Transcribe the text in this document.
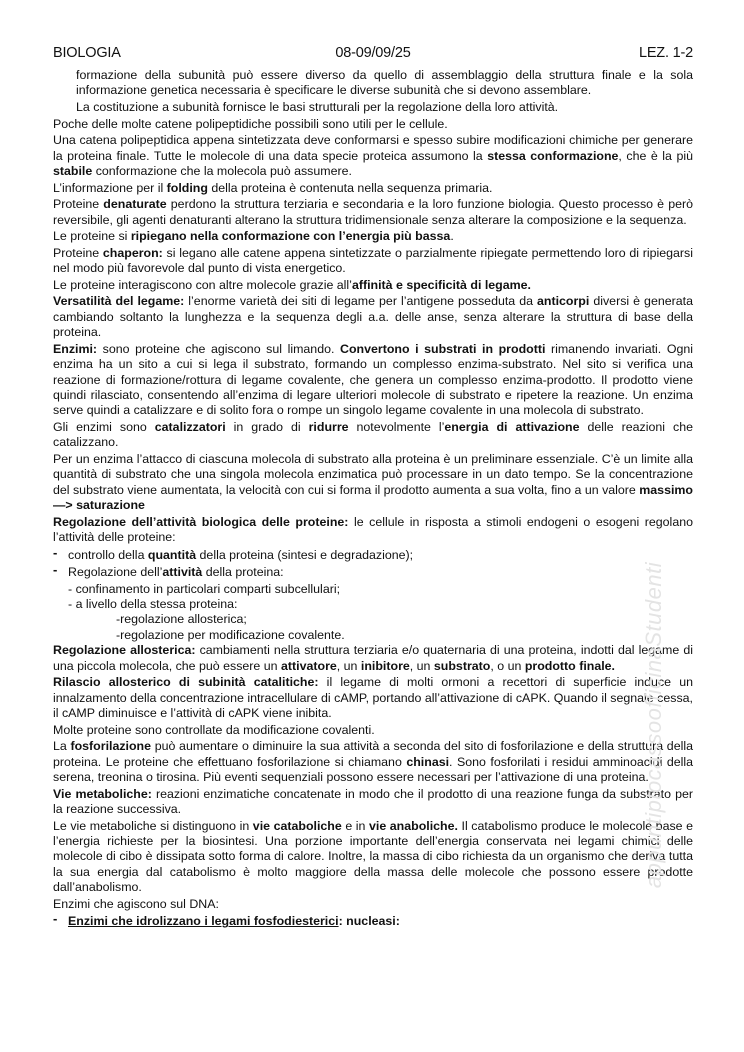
BIOLOGIA	08-09/09/25	LEZ. 1-2

formazione della subunità può essere diverso da quello di assemblaggio della struttura finale e la sola informazione genetica necessaria è specificare le diverse subunità che si devono assemblare.

La costituzione a subunità fornisce le basi strutturali per la regolazione della loro attività.

Poche delle molte catene polipeptidiche possibili sono utili per le cellule.

Una catena polipeptidica appena sintetizzata deve conformarsi e spesso subire modificazioni chimiche per generare la proteina finale. Tutte le molecole di una data specie proteica assumono la stessa conformazione, che è la più stabile conformazione che la molecola può assumere.

L’informazione per il folding della proteina è contenuta nella sequenza primaria.

Proteine denaturate perdono la struttura terziaria e secondaria e la loro funzione biologia. Questo processo è però reversibile, gli agenti denaturanti alterano la struttura tridimensionale senza alterare la composizione e la sequenza.

Le proteine si ripiegano nella conformazione con l’energia più bassa.

Proteine chaperon: si legano alle catene appena sintetizzate o parzialmente ripiegate permettendo loro di ripiegarsi nel modo più favorevole dal punto di vista energetico.

Le proteine interagiscono con altre molecole grazie all’affinità e specificità di legame.

Versatilità del legame: l’enorme varietà dei siti di legame per l’antigene posseduta da anticorpi diversi è generata cambiando soltanto la lunghezza e la sequenza degli a.a. delle anse, senza alterare la struttura di base della proteina.

Enzimi: sono proteine che agiscono sul limando. Convertono i substrati in prodotti rimanendo invariati. Ogni enzima ha un sito a cui si lega il substrato, formando un complesso enzima-substrato. Nel sito si verifica una reazione di formazione/rottura di legame covalente, che genera un complesso enzima-prodotto. Il prodotto viene quindi rilasciato, consentendo all’enzima di legare ulteriori molecole di substrato e ripetere la reazione. Un enzima serve quindi a catalizzare e di solito fora o rompe un singolo legame covalente in una molecola di substrato.

Gli enzimi sono catalizzatori in grado di ridurre notevolmente l’energia di attivazione delle reazioni che catalizzano.

Per un enzima l’attacco di ciascuna molecola di substrato alla proteina è un preliminare essenziale. C’è un limite alla quantità di substrato che una singola molecola enzimatica può processare in un dato tempo. Se la concentrazione del substrato viene aumentata, la velocità con cui si forma il prodotto aumenta a sua volta, fino a un valore massimo —> saturazione

Regolazione dell’attività biologica delle proteine: le cellule in risposta a stimoli endogeni o esogeni regolano l’attività delle proteine:

- controllo della quantità della proteina (sintesi e degradazione);
- Regolazione dell’attività della proteina:

- confinamento in particolari comparti subcellulari;

- a livello della stessa proteina:

-regolazione allosterica;

-regolazione per modificazione covalente.

Regolazione allosterica: cambiamenti nella struttura terziaria e/o quaternaria di una proteina, indotti dal legame di una piccola molecola, che può essere un attivatore, un inibitore, un substrato, o un prodotto finale.

Rilascio allosterico di subinità catalitiche: il legame di molti ormoni a recettori di superficie induce un innalzamento della concentrazione intracellulare di cAMP, portando all’attivazione di cAPK. Quando il segnale cessa, il cAMP diminuisce e l’attività di cAPK viene inibita.

Molte proteine sono controllate da modificazione covalenti.

La fosforilazione può aumentare o diminuire la sua attività a seconda del sito di fosforilazione e della struttura della proteina. Le proteine che effettuano fosforilazione si chiamano chinasi. Sono fosforilati i residui amminoacidi della serena, treonina o tirosina. Più eventi sequenziali possono essere necessari per l’attivazione di una proteina.

Vie metaboliche: reazioni enzimatiche concatenate in modo che il prodotto di una reazione funga da substrato per la reazione successiva.

Le vie metaboliche si distinguono in vie cataboliche e in vie anaboliche. Il catabolismo produce le molecole base e l’energia richieste per la biosintesi. Una porzione importante dell’energia conservata nei legami chimici delle molecole di cibo è dissipata sotto forma di calore. Inoltre, la massa di cibo richiesta da un organismo che deriva tutta la sua energia dal catabolismo è molto maggiore della massa delle molecole che possono essere prodotte dall’anabolismo.

Enzimi che agiscono sul DNA:

- Enzimi che idrolizzano i legami fosfodiesterici: nucleasi:
appuntiptocassoofficinaStudenti
